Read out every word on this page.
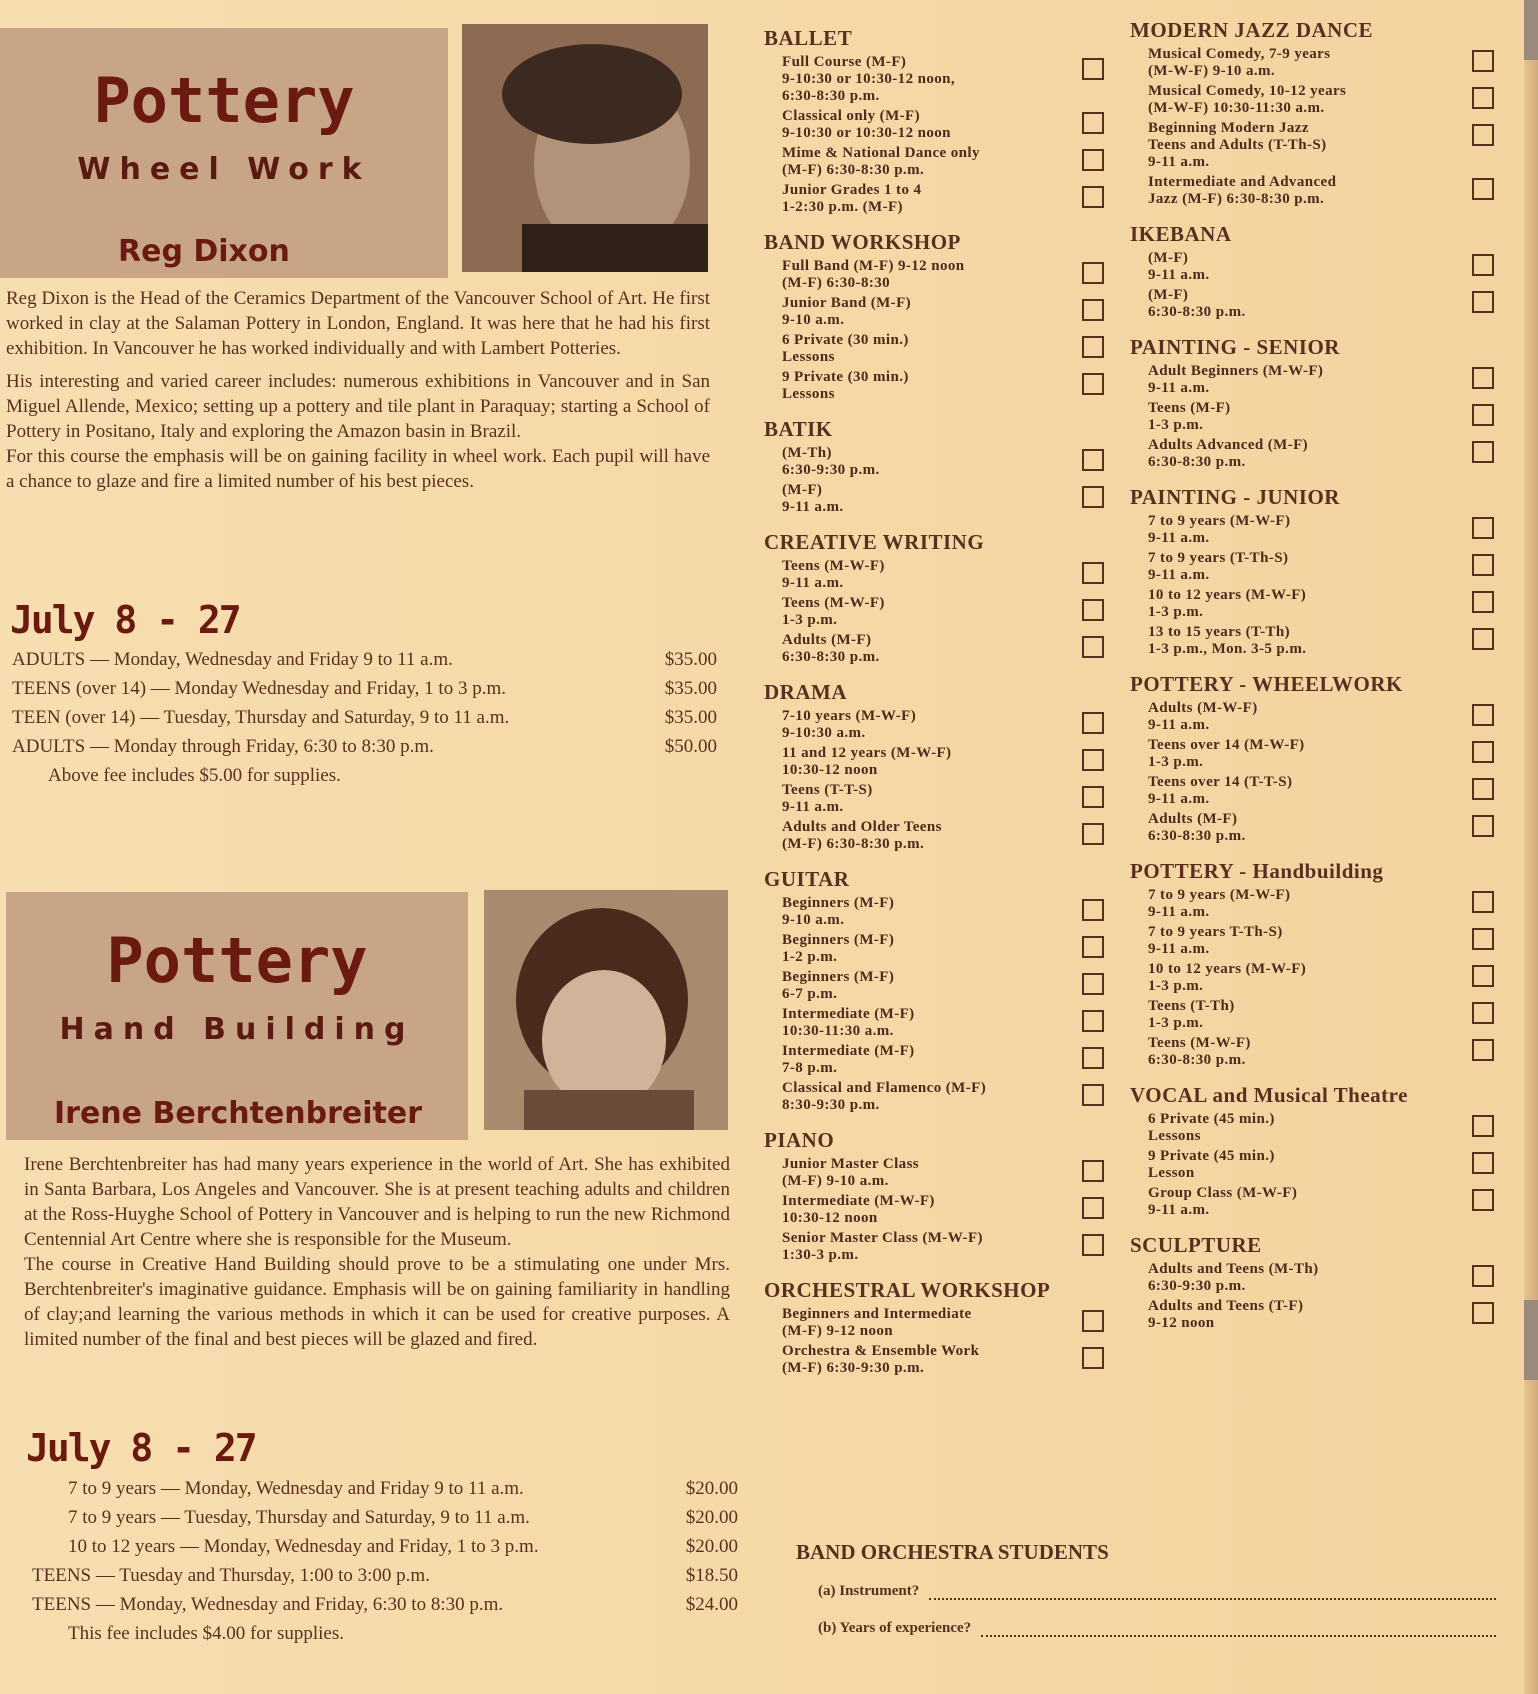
Pottery
Wheel Work
Reg Dixon

Reg Dixon is the Head of the Ceramics Department of the Vancouver School of Art. He first worked in clay at the Salaman Pottery in London, England. It was here that he had his first exhibition. In Vancouver he has worked individually and with Lambert Potteries.

His interesting and varied career includes: numerous exhibitions in Vancouver and in San Miguel Allende, Mexico; setting up a pottery and tile plant in Paraquay; starting a School of Pottery in Positano, Italy and exploring the Amazon basin in Brazil.

For this course the emphasis will be on gaining facility in wheel work. Each pupil will have a chance to glaze and fire a limited number of his best pieces.

July 8 - 27
ADULTS — Monday, Wednesday and Friday 9 to 11 a.m.	$35.00
TEENS (over 14) — Monday Wednesday and Friday, 1 to 3 p.m.	$35.00
TEEN (over 14) — Tuesday, Thursday and Saturday, 9 to 11 a.m.	$35.00
ADULTS — Monday through Friday, 6:30 to 8:30 p.m.	$50.00
Above fee includes $5.00 for supplies.
Pottery
Hand Building
Irene Berchtenbreiter

Irene Berchtenbreiter has had many years experience in the world of Art. She has exhibited in Santa Barbara, Los Angeles and Vancouver. She is at present teaching adults and children at the Ross-Huyghe School of Pottery in Vancouver and is helping to run the new Richmond Centennial Art Centre where she is responsible for the Museum.

The course in Creative Hand Building should prove to be a stimulating one under Mrs. Berchtenbreiter's imaginative guidance. Emphasis will be on gaining familiarity in handling of clay;and learning the various methods in which it can be used for creative purposes. A limited number of the final and best pieces will be glazed and fired.

July 8 - 27
7 to 9 years — Monday, Wednesday and Friday 9 to 11 a.m.	$20.00
7 to 9 years — Tuesday, Thursday and Saturday, 9 to 11 a.m.	$20.00
10 to 12 years — Monday, Wednesday and Friday, 1 to 3 p.m.	$20.00
TEENS — Tuesday and Thursday, 1:00 to 3:00 p.m.	$18.50
TEENS — Monday, Wednesday and Friday, 6:30 to 8:30 p.m.	$24.00
This fee includes $4.00 for supplies.
BALLET
Full Course (M-F)
9-10:30 or 10:30-12 noon,
6:30-8:30 p.m.
Classical only (M-F)
9-10:30 or 10:30-12 noon
Mime & National Dance only
(M-F) 6:30-8:30 p.m.
Junior Grades 1 to 4
1-2:30 p.m. (M-F)
BAND WORKSHOP
Full Band (M-F) 9-12 noon
(M-F) 6:30-8:30
Junior Band (M-F)
9-10 a.m.
6 Private (30 min.)
Lessons
9 Private (30 min.)
Lessons
BATIK
(M-Th)
6:30-9:30 p.m.
(M-F)
9-11 a.m.
CREATIVE WRITING
Teens (M-W-F)
9-11 a.m.
Teens (M-W-F)
1-3 p.m.
Adults (M-F)
6:30-8:30 p.m.
DRAMA
7-10 years (M-W-F)
9-10:30 a.m.
11 and 12 years (M-W-F)
10:30-12 noon
Teens (T-T-S)
9-11 a.m.
Adults and Older Teens
(M-F) 6:30-8:30 p.m.
GUITAR
Beginners (M-F)
9-10 a.m.
Beginners (M-F)
1-2 p.m.
Beginners (M-F)
6-7 p.m.
Intermediate (M-F)
10:30-11:30 a.m.
Intermediate (M-F)
7-8 p.m.
Classical and Flamenco (M-F)
8:30-9:30 p.m.
PIANO
Junior Master Class
(M-F) 9-10 a.m.
Intermediate (M-W-F)
10:30-12 noon
Senior Master Class (M-W-F)
1:30-3 p.m.
ORCHESTRAL WORKSHOP
Beginners and Intermediate
(M-F) 9-12 noon
Orchestra & Ensemble Work
(M-F) 6:30-9:30 p.m.
MODERN JAZZ DANCE
Musical Comedy, 7-9 years
(M-W-F) 9-10 a.m.
Musical Comedy, 10-12 years
(M-W-F) 10:30-11:30 a.m.
Beginning Modern Jazz
Teens and Adults (T-Th-S)
9-11 a.m.
Intermediate and Advanced
Jazz (M-F) 6:30-8:30 p.m.
IKEBANA
(M-F)
9-11 a.m.
(M-F)
6:30-8:30 p.m.
PAINTING - SENIOR
Adult Beginners (M-W-F)
9-11 a.m.
Teens (M-F)
1-3 p.m.
Adults Advanced (M-F)
6:30-8:30 p.m.
PAINTING - JUNIOR
7 to 9 years (M-W-F)
9-11 a.m.
7 to 9 years (T-Th-S)
9-11 a.m.
10 to 12 years (M-W-F)
1-3 p.m.
13 to 15 years (T-Th)
1-3 p.m., Mon. 3-5 p.m.
POTTERY - WHEELWORK
Adults (M-W-F)
9-11 a.m.
Teens over 14 (M-W-F)
1-3 p.m.
Teens over 14 (T-T-S)
9-11 a.m.
Adults (M-F)
6:30-8:30 p.m.
POTTERY - Handbuilding
7 to 9 years (M-W-F)
9-11 a.m.
7 to 9 years T-Th-S)
9-11 a.m.
10 to 12 years (M-W-F)
1-3 p.m.
Teens (T-Th)
1-3 p.m.
Teens (M-W-F)
6:30-8:30 p.m.
VOCAL and Musical Theatre
6 Private (45 min.)
Lessons
9 Private (45 min.)
Lesson
Group Class (M-W-F)
9-11 a.m.
SCULPTURE
Adults and Teens (M-Th)
6:30-9:30 p.m.
Adults and Teens (T-F)
9-12 noon
BAND ORCHESTRA STUDENTS
(a) Instrument?
(b) Years of experience?
